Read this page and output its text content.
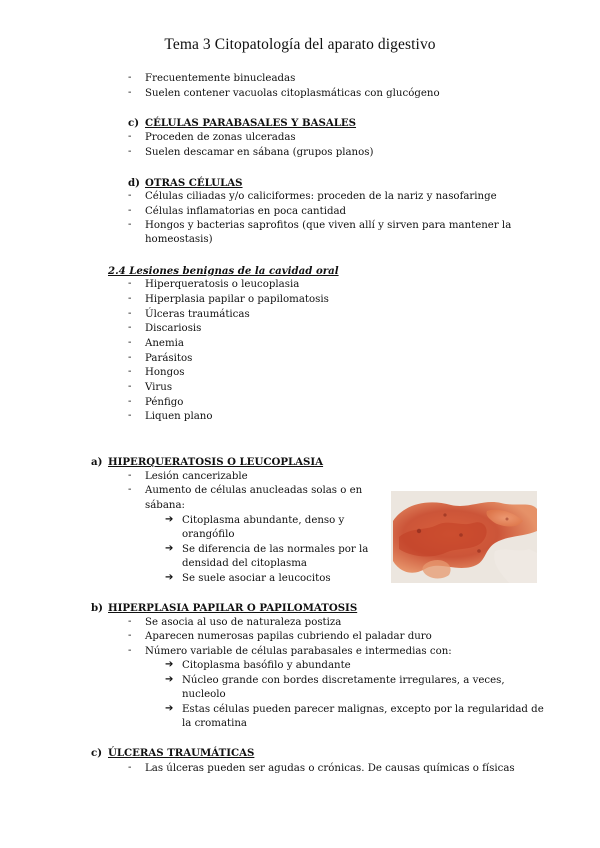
Tema 3 Citopatología del aparato digestivo
-	Frecuentemente binucleadas
-	Suelen contener vacuolas citoplasmáticas con glucógeno
c) CÉLULAS PARABASALES Y BASALES
-	Proceden de zonas ulceradas
-	Suelen descamar en sábana (grupos planos)
d) OTRAS CÉLULAS
-	Células ciliadas y/o caliciformes: proceden de la nariz y nasofaringe
-	Células inflamatorias en poca cantidad
-	Hongos y bacterias saprofitos (que viven allí y sirven para mantener la
homeostasis)
2.4 Lesiones benignas de la cavidad oral
-	Hiperqueratosis o leucoplasia
-	Hiperplasia papilar o papilomatosis
-	Úlceras traumáticas
-	Discariosis
-	Anemia
-	Parásitos
-	Hongos
-	Virus
-	Pénfigo
-	Liquen plano
a) HIPERQUERATOSIS O LEUCOPLASIA
-	Lesión cancerizable
-	Aumento de células anucleadas solas o en
sábana:
➔ Citoplasma abundante, denso y
orangófilo
➔ Se diferencia de las normales por la
densidad del citoplasma
➔ Se suele asociar a leucocitos
b) HIPERPLASIA PAPILAR O PAPILOMATOSIS
-	Se asocia al uso de naturaleza postiza
-	Aparecen numerosas papilas cubriendo el paladar duro
-	Número variable de células parabasales e intermedias con:
➔ Citoplasma basófilo y abundante
➔ Núcleo grande con bordes discretamente irregulares, a veces,
nucleolo
➔ Estas células pueden parecer malignas, excepto por la regularidad de
la cromatina
c) ÚLCERAS TRAUMÁTICAS
-	Las úlceras pueden ser agudas o crónicas. De causas químicas o físicas
